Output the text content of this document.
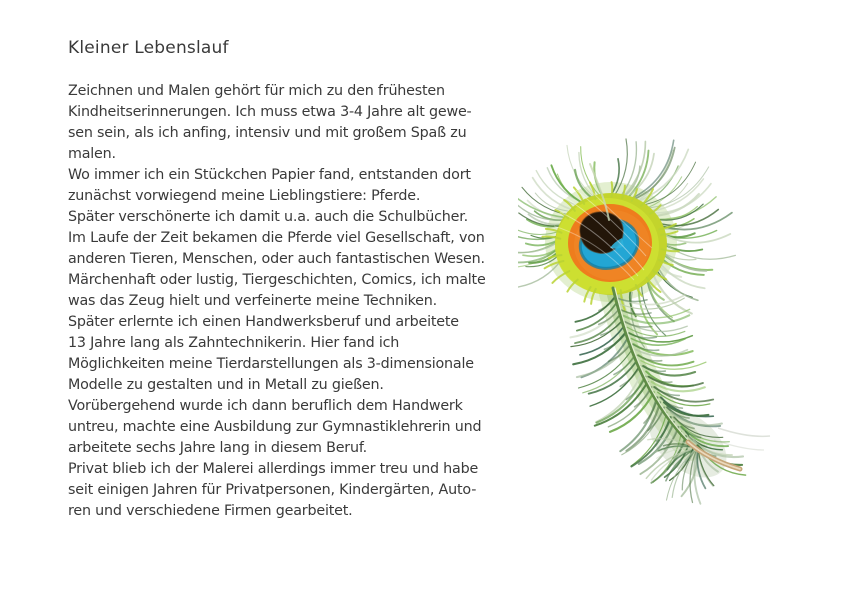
Kleiner Lebenslauf
Zeichnen und Malen gehört für mich zu den frühesten
Kindheitserinnerungen. Ich muss etwa 3-4 Jahre alt gewe-
sen sein, als ich anfing, intensiv und mit großem Spaß zu
malen.
Wo immer ich ein Stückchen Papier fand, entstanden dort
zunächst vorwiegend meine Lieblingstiere: Pferde.
Später verschönerte ich damit u.a. auch die Schulbücher.
Im Laufe der Zeit bekamen die Pferde viel Gesellschaft, von
anderen Tieren, Menschen, oder auch fantastischen Wesen.
Märchenhaft oder lustig, Tiergeschichten, Comics, ich malte
was das Zeug hielt und verfeinerte meine Techniken.
Später erlernte ich einen Handwerksberuf und arbeitete
13 Jahre lang als Zahntechnikerin. Hier fand ich
Möglichkeiten meine Tierdarstellungen als 3-dimensionale
Modelle zu gestalten und in Metall zu gießen.
Vorübergehend wurde ich dann beruflich dem Handwerk
untreu, machte eine Ausbildung zur Gymnastiklehrerin und
arbeitete sechs Jahre lang in diesem Beruf.
Privat blieb ich der Malerei allerdings immer treu und habe
seit einigen Jahren für Privatpersonen, Kindergärten, Auto-
ren und verschiedene Firmen gearbeitet.
